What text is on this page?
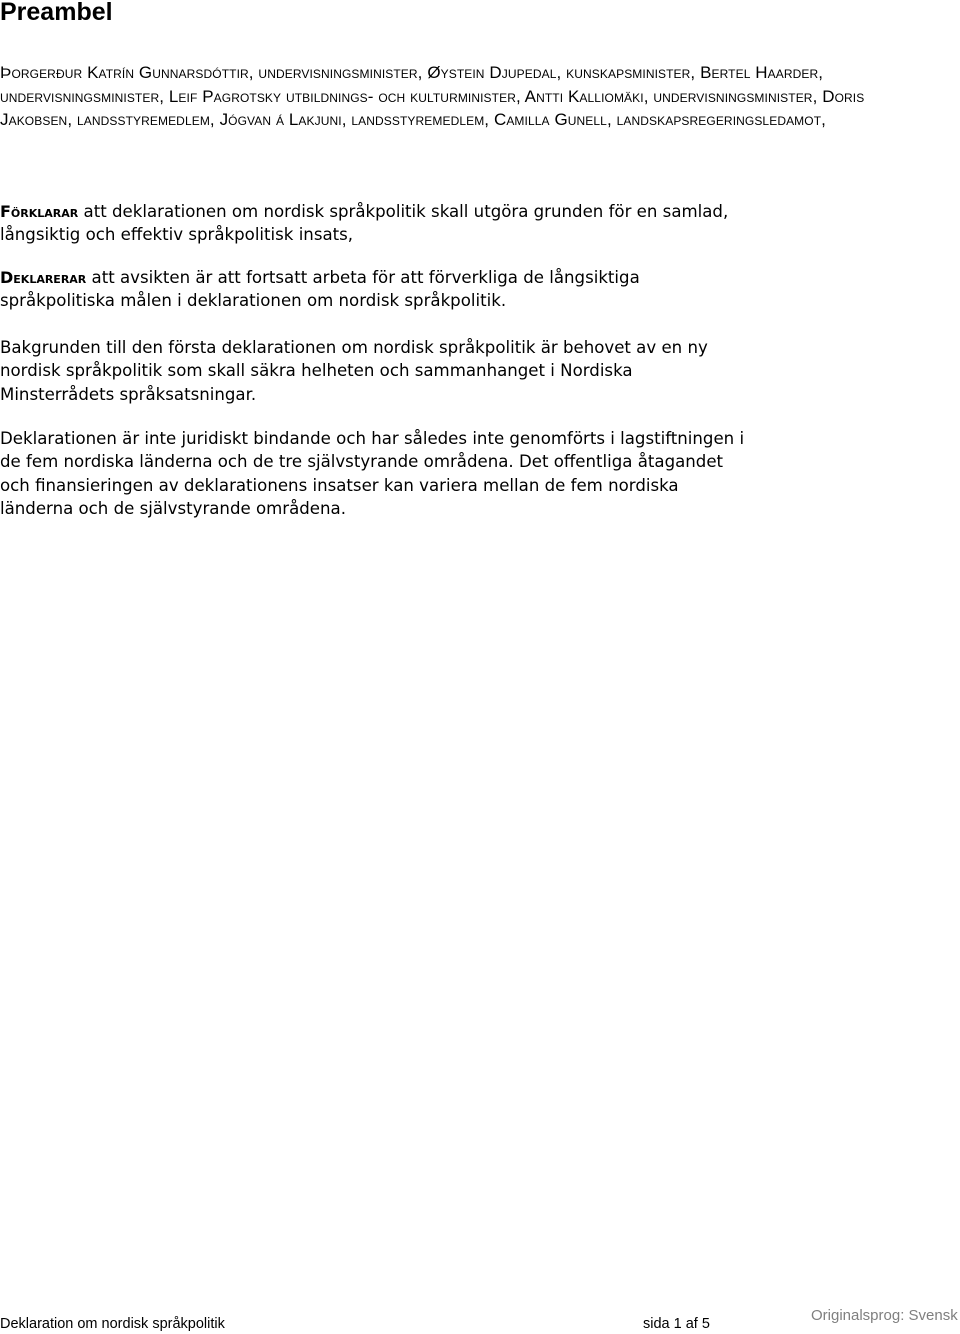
Preambel

Þorgerður Katrín Gunnarsdóttir, undervisningsminister, Øystein Djupedal, kunskapsminister, Bertel Haarder, undervisningsminister, Leif Pagrotsky utbildnings- och kulturminister, Antti Kalliomäki, undervisningsminister, Doris Jakobsen, landsstyremedlem, Jógvan á Lakjuni, landsstyremedlem, Camilla Gunell, landskapsregeringsledamot,

Förklarar att deklarationen om nordisk språkpolitik skall utgöra grunden för en samlad,
långsiktig och effektiv språkpolitisk insats,

Deklarerar att avsikten är att fortsatt arbeta för att förverkliga de långsiktiga
språkpolitiska målen i deklarationen om nordisk språkpolitik.

Bakgrunden till den första deklarationen om nordisk språkpolitik är behovet av en ny
nordisk språkpolitik som skall säkra helheten och sammanhanget i Nordiska
Minsterrådets språksatsningar.

Deklarationen är inte juridiskt bindande och har således inte genomförts i lagstiftningen i
de fem nordiska länderna och de tre självstyrande områdena. Det offentliga åtagandet
och finansieringen av deklarationens insatser kan variera mellan de fem nordiska
länderna och de självstyrande områdena.

Deklaration om nordisk språkpolitik	sida 1 af 5	Originalsprog: Svensk
